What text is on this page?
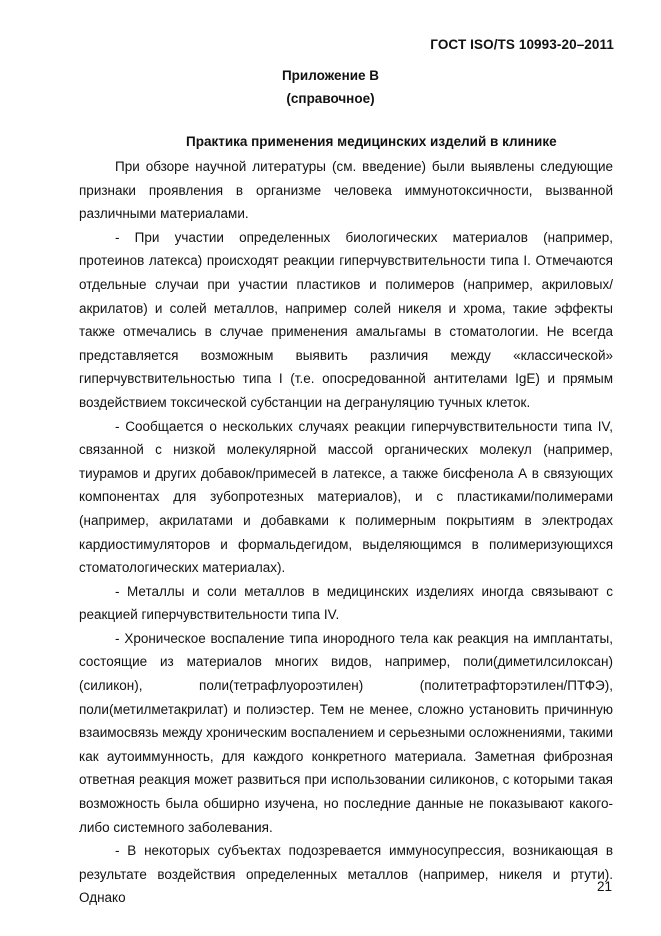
ГОСТ ISO/TS 10993-20–2011
Приложение В
(справочное)
Практика применения медицинских изделий в клинике

При обзоре научной литературы (см. введение) были выявлены следующие признаки проявления в организме человека иммунотоксичности, вызванной различными материалами.

- При участии определенных биологических материалов (например, протеинов латекса) происходят реакции гиперчувствительности типа I. Отмечаются отдельные случаи при участии пластиков и полимеров (например, акриловых/акрилатов) и солей металлов, например солей никеля и хрома, такие эффекты также отмечались в случае применения амальгамы в стоматологии. Не всегда представляется возможным выявить различия между «классической» гиперчувствительностью типа I (т.е. опосредованной антителами IgE) и прямым воздействием токсической субстанции на дегрануляцию тучных клеток.

- Сообщается о нескольких случаях реакции гиперчувствительности типа IV, связанной с низкой молекулярной массой органических молекул (например, тиурамов и других добавок/примесей в латексе, а также бисфенола А в связующих компонентах для зубопротезных материалов), и с пластиками/полимерами (например, акрилатами и добавками к полимерным покрытиям в электродах кардиостимуляторов и формальдегидом, выделяющимся в полимеризующихся стоматологических материалах).

- Металлы и соли металлов в медицинских изделиях иногда связывают с реакцией гиперчувствительности типа IV.

- Хроническое воспаление типа инородного тела как реакция на имплантаты, состоящие из материалов многих видов, например, поли(диметилсилоксан) (силикон), поли(тетрафлуороэтилен) (политетрафторэтилен/ПТФЭ), поли(метилметакрилат) и полиэстер. Тем не менее, сложно установить причинную взаимосвязь между хроническим воспалением и серьезными осложнениями, такими как аутоиммунность, для каждого конкретного материала. Заметная фиброзная ответная реакция может развиться при использовании силиконов, с которыми такая возможность была обширно изучена, но последние данные не показывают какого-либо системного заболевания.

- В некоторых субъектах подозревается иммуносупрессия, возникающая в результате воздействия определенных металлов (например, никеля и ртути). Однако

21
